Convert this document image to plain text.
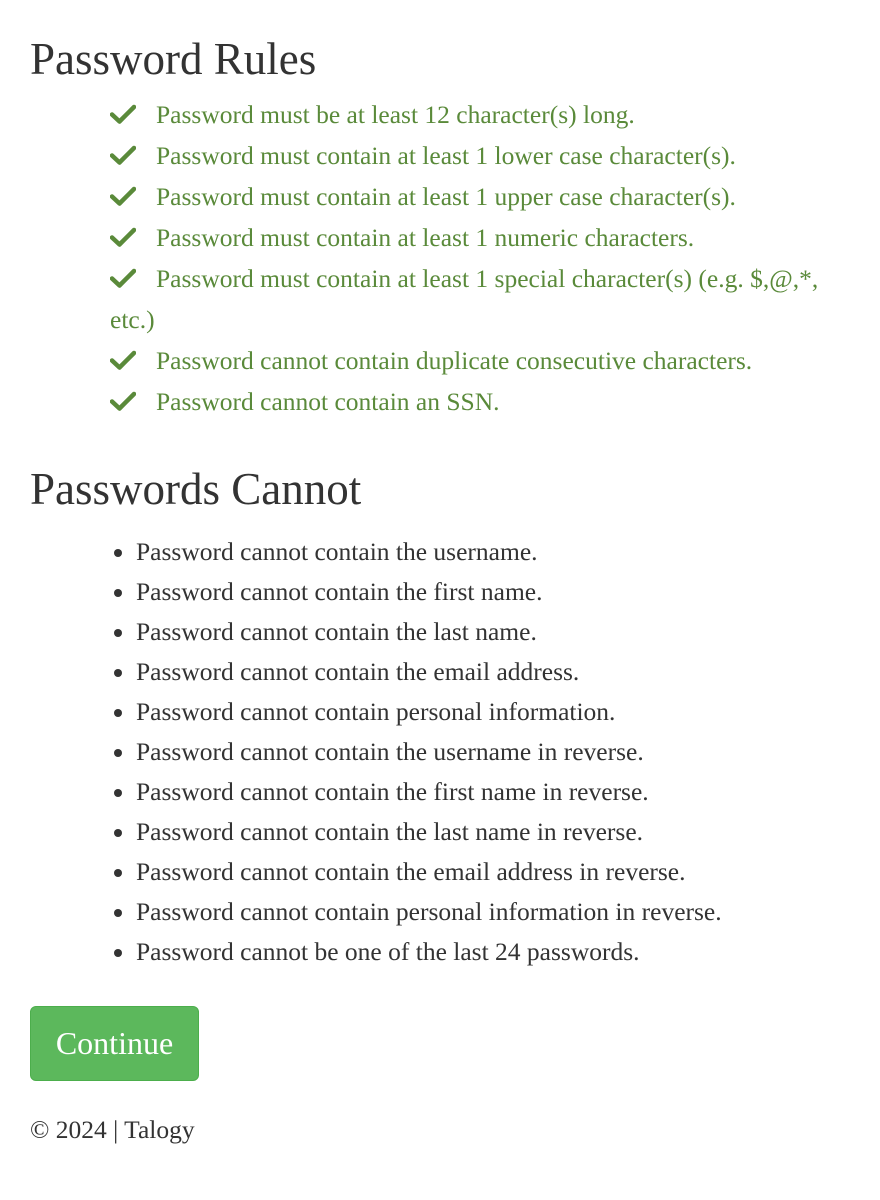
Password Rules
Password must be at least 12 character(s) long.
Password must contain at least 1 lower case character(s).
Password must contain at least 1 upper case character(s).
Password must contain at least 1 numeric characters.
Password must contain at least 1 special character(s) (e.g. $,@,*, etc.)
Password cannot contain duplicate consecutive characters.
Password cannot contain an SSN.
Passwords Cannot
• Password cannot contain the username.
• Password cannot contain the first name.
• Password cannot contain the last name.
• Password cannot contain the email address.
• Password cannot contain personal information.
• Password cannot contain the username in reverse.
• Password cannot contain the first name in reverse.
• Password cannot contain the last name in reverse.
• Password cannot contain the email address in reverse.
• Password cannot contain personal information in reverse.
• Password cannot be one of the last 24 passwords.
Continue
© 2024 | Talogy
